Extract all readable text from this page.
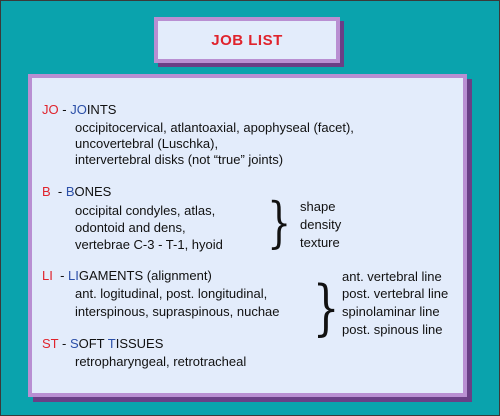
JOB LIST
JO - JOINTS
occipitocervical, atlantoaxial, apophyseal (facet),
uncovertebral (Luschka),
intervertebral disks (not “true” joints)
B  - BONES
occipital condyles, atlas,
odontoid and dens,
vertebrae C-3 - T-1, hyoid } shape
density
texture
LI  - LIGAMENTS (alignment)
ant. logitudinal, post. longitudinal,
interspinous, supraspinous, nuchae } ant. vertebral line
post. vertebral line
spinolaminar line
post. spinous line
ST - SOFT TISSUES
retropharyngeal, retrotracheal
